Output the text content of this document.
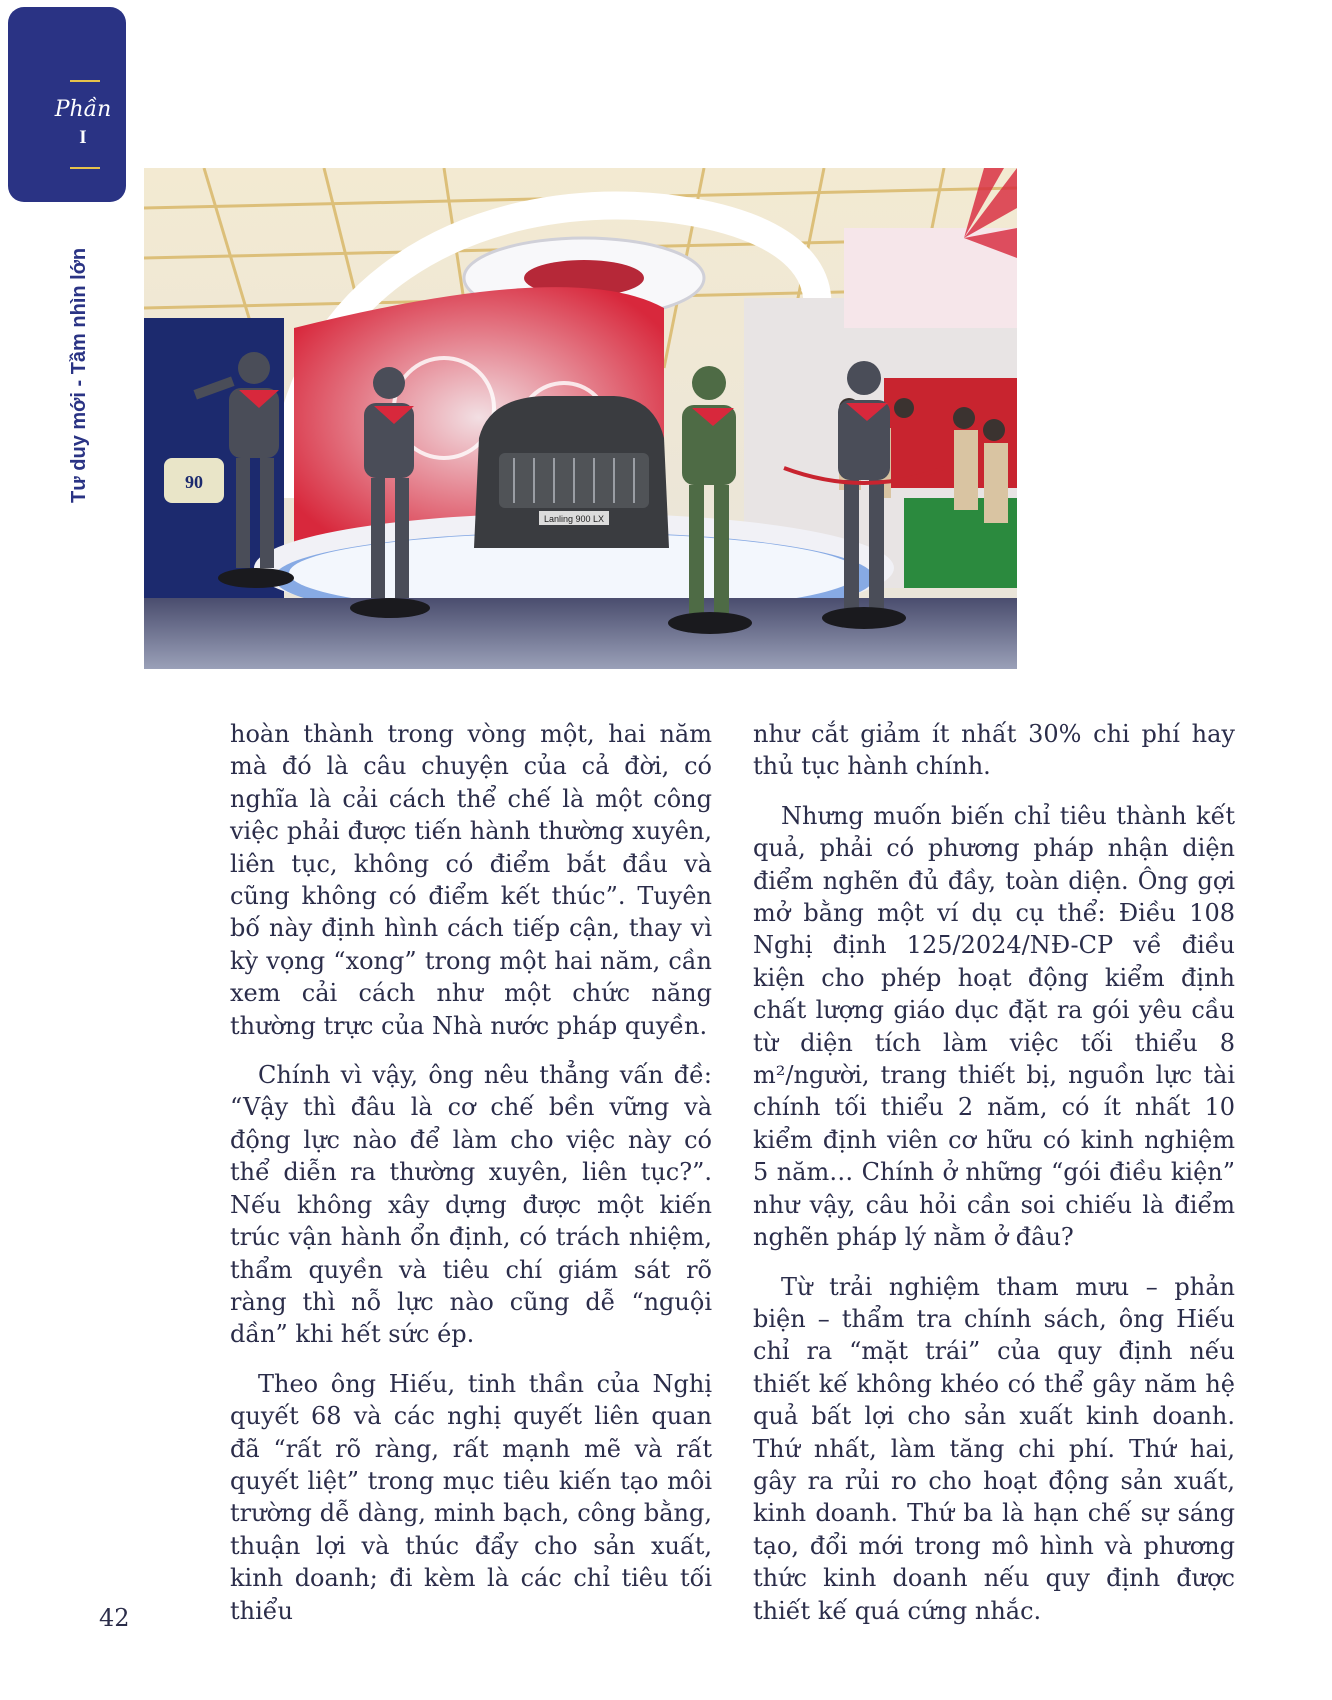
Phần
I
Tư duy mới - Tầm nhìn lớn	90
Lanling 900 LX

hoàn thành trong vòng một, hai năm mà đó là câu chuyện của cả đời, có nghĩa là cải cách thể chế là một công việc phải được tiến hành thường xuyên, liên tục, không có điểm bắt đầu và cũng không có điểm kết thúc”. Tuyên bố này định hình cách tiếp cận, thay vì kỳ vọng “xong” trong một hai năm, cần xem cải cách như một chức năng thường trực của Nhà nước pháp quyền.

Chính vì vậy, ông nêu thẳng vấn đề: “Vậy thì đâu là cơ chế bền vững và động lực nào để làm cho việc này có thể diễn ra thường xuyên, liên tục?”. Nếu không xây dựng được một kiến trúc vận hành ổn định, có trách nhiệm, thẩm quyền và tiêu chí giám sát rõ ràng thì nỗ lực nào cũng dễ “nguội dần” khi hết sức ép.

Theo ông Hiếu, tinh thần của Nghị quyết 68 và các nghị quyết liên quan đã “rất rõ ràng, rất mạnh mẽ và rất quyết liệt” trong mục tiêu kiến tạo môi trường dễ dàng, minh bạch, công bằng, thuận lợi và thúc đẩy cho sản xuất, kinh doanh; đi kèm là các chỉ tiêu tối thiểu

như cắt giảm ít nhất 30% chi phí hay thủ tục hành chính.

Nhưng muốn biến chỉ tiêu thành kết quả, phải có phương pháp nhận diện điểm nghẽn đủ đầy, toàn diện. Ông gợi mở bằng một ví dụ cụ thể: Điều 108 Nghị định 125/2024/NĐ-CP về điều kiện cho phép hoạt động kiểm định chất lượng giáo dục đặt ra gói yêu cầu từ diện tích làm việc tối thiểu 8 m²/người, trang thiết bị, nguồn lực tài chính tối thiểu 2 năm, có ít nhất 10 kiểm định viên cơ hữu có kinh nghiệm 5 năm… Chính ở những “gói điều kiện” như vậy, câu hỏi cần soi chiếu là điểm nghẽn pháp lý nằm ở đâu?

Từ trải nghiệm tham mưu – phản biện – thẩm tra chính sách, ông Hiếu chỉ ra “mặt trái” của quy định nếu thiết kế không khéo có thể gây năm hệ quả bất lợi cho sản xuất kinh doanh. Thứ nhất, làm tăng chi phí. Thứ hai, gây ra rủi ro cho hoạt động sản xuất, kinh doanh. Thứ ba là hạn chế sự sáng tạo, đổi mới trong mô hình và phương thức kinh doanh nếu quy định được thiết kế quá cứng nhắc.

42
